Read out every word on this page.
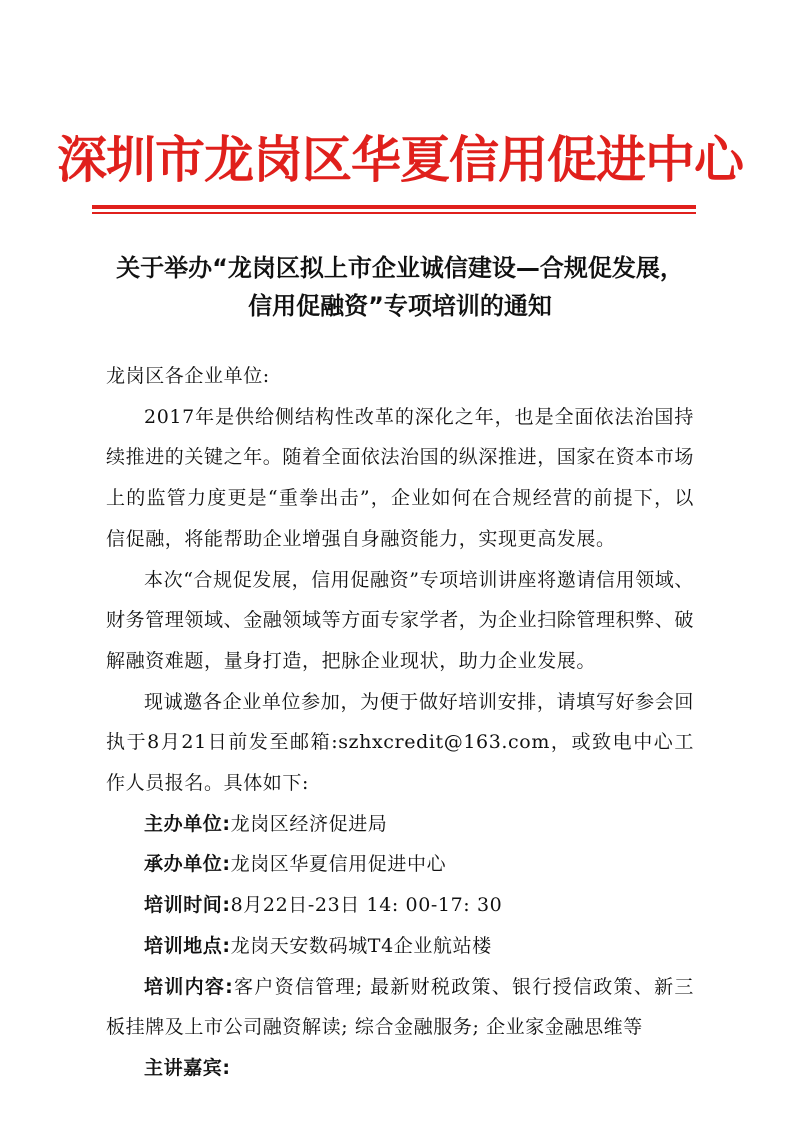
深圳市龙岗区华夏信用促进中心
关于举办“龙岗区拟上市企业诚信建设—合规促发展，信用促融资”专项培训的通知

龙岗区各企业单位:

2017年是供给侧结构性改革的深化之年，也是全面依法治国持续推进的关键之年。随着全面依法治国的纵深推进，国家在资本市场上的监管力度更是“重拳出击”，企业如何在合规经营的前提下，以信促融，将能帮助企业增强自身融资能力，实现更高发展。

本次“合规促发展，信用促融资”专项培训讲座将邀请信用领域、财务管理领域、金融领域等方面专家学者，为企业扫除管理积弊、破解融资难题，量身打造，把脉企业现状，助力企业发展。

现诚邀各企业单位参加，为便于做好培训安排，请填写好参会回执于8月21日前发至邮箱:szhxcredit@163.com，或致电中心工作人员报名。具体如下:

主办单位:龙岗区经济促进局

承办单位:龙岗区华夏信用促进中心

培训时间:8月22日-23日 14: 00-17: 30

培训地点:龙岗天安数码城T4企业航站楼

培训内容:客户资信管理; 最新财税政策、银行授信政策、新三板挂牌及上市公司融资解读; 综合金融服务; 企业家金融思维等

主讲嘉宾:
